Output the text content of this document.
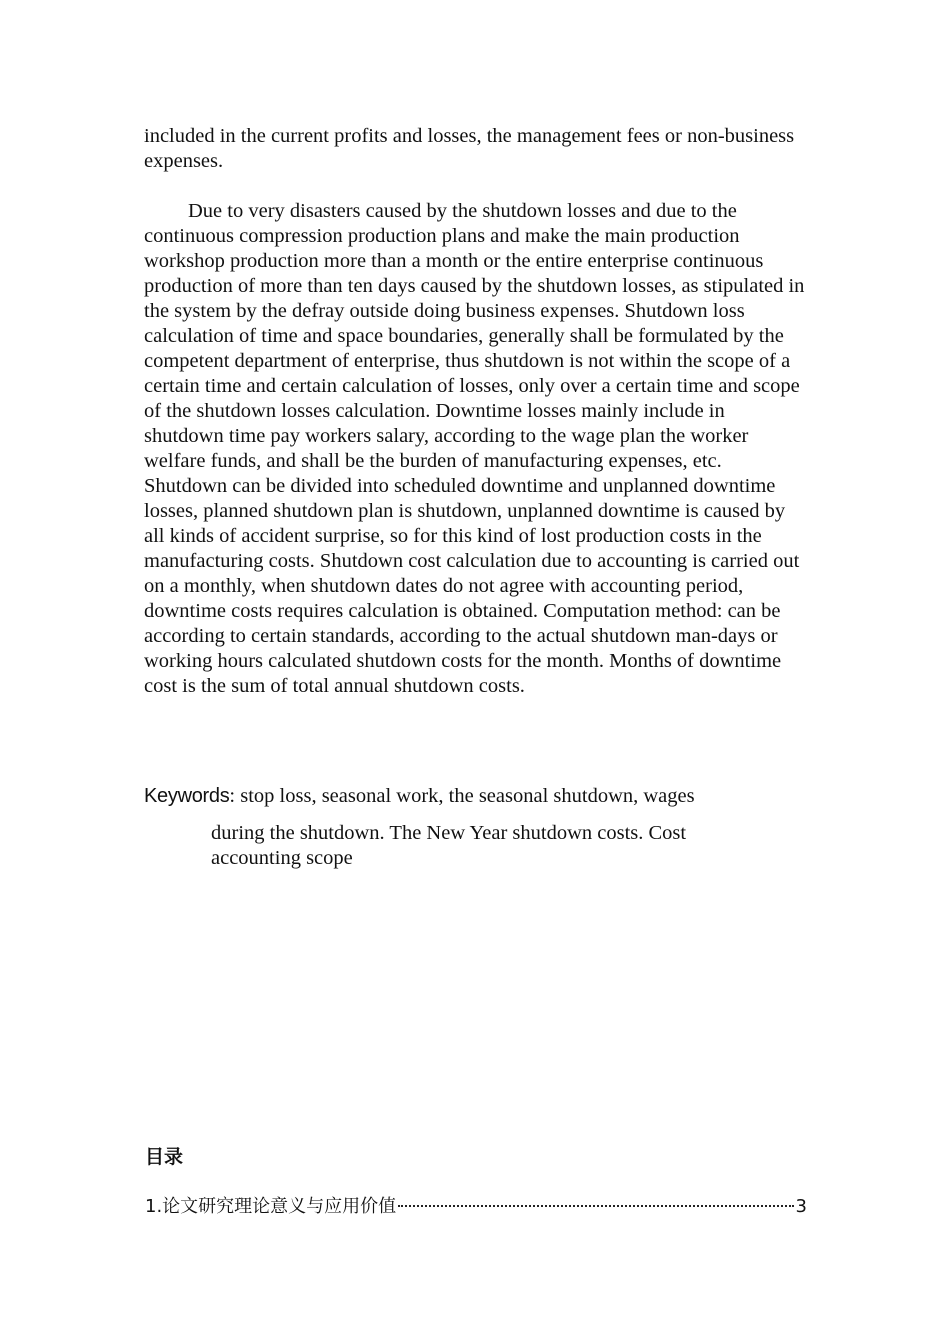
included in the current profits and losses, the management fees or non-business expenses.

Due to very disasters caused by the shutdown losses and due to the continuous compression production plans and make the main production workshop production more than a month or the entire enterprise continuous production of more than ten days caused by the shutdown losses, as stipulated in the system by the defray outside doing business expenses. Shutdown loss calculation of time and space boundaries, generally shall be formulated by the competent department of enterprise, thus shutdown is not within the scope of a certain time and certain calculation of losses, only over a certain time and scope of the shutdown losses calculation. Downtime losses mainly include in shutdown time pay workers salary, according to the wage plan the worker welfare funds, and shall be the burden of manufacturing expenses, etc. Shutdown can be divided into scheduled downtime and unplanned downtime losses, planned shutdown plan is shutdown, unplanned downtime is caused by all kinds of accident surprise, so for this kind of lost production costs in the manufacturing costs. Shutdown cost calculation due to accounting is carried out on a monthly, when shutdown dates do not agree with accounting period, downtime costs requires calculation is obtained. Computation method: can be according to certain standards, according to the actual shutdown man-days or working hours calculated shutdown costs for the month. Months of downtime cost is the sum of total annual shutdown costs.

Keywords: stop loss, seasonal work, the seasonal shutdown, wages

during the shutdown. The New Year shutdown costs. Cost accounting scope

目录
1.论文研究理论意义与应用价值	3
